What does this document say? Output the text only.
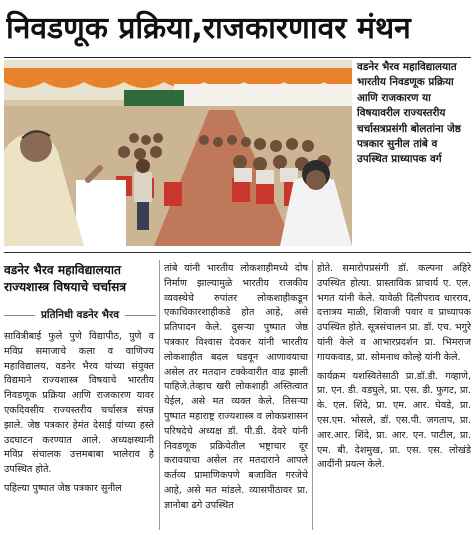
निवडणूक प्रक्रिया,राजकारणावर मंथन
वडनेर भैरव महाविद्यालयात भारतीय निवडणूक प्रक्रिया आणि राजकारण या विषयावरील राज्यस्तरीय चर्चासत्रप्रसंगी बोलतांना जेष्ठ पत्रकार सुनील तांबे व उपस्थित प्राध्यापक वर्ग
वडनेर भैरव महाविद्यालयात राज्यशास्त्र विषयाचे चर्चासत्र
प्रतिनिधी वडनेर भैरव

सावित्रीबाई फुले पुणे विद्यापीठ, पुणे व मविप्र समाजाचे कला व वाणिज्य महाविद्यालय, वडनेर भैरव यांच्या संयुक्त विद्यमाने राज्यशास्त्र विषयाचे भारतीय निवडणूक प्रक्रिया आणि राजकारण यावर एकदिवसीय राज्यस्तरीय चर्चासत्र संपन्न झाले. जेष्ठ पत्रकार हेमंत देसाई यांच्या हस्ते उदघाटन करण्यात आले. अध्यक्षस्थानी मविप्र संचालक उत्तमबाबा भालेराव हे उपस्थित होते.

पहिल्या पुष्पात जेष्ठ पत्रकार सुनील

तांबे यांनी भारतीय लोकशाहीमध्ये दोष निर्माण झाल्यामुळे भारतीय राजकीय व्यवस्थेचे रुपांतर लोकशाहीकडून एकाधिकारशाहीकडे होत आहे, असे प्रतिपादन केले. दुसऱ्या पुष्पात जेष्ठ पत्रकार विश्वास देवकर यांनी भारतीय लोकशाहीत बदल घडवून आणावयाचा असेल तर मतदान टक्केवारीत वाढ झाली पाहिजे.तेव्हाच खरी लोकशाही अस्तित्वात येईल, असे मत व्यक्त केले. तिसऱ्या पुष्पात महाराष्ट्र राज्यशास्त्र व लोकप्रशासन परिषदेचे अध्यक्ष डॉ. पी.डी. देवरे यांनी निवडणूक प्रक्रियेतील भष्ट्राचार दूर करावयाचा असेल तर मतदाराने आपले कर्तव्य प्रामाणिकपणे बजावित गरजेचे आहे, असे मत मांडले. व्यासपीठावर प्रा. ज्ञानोबा ढगे उपस्थित

होते. समारोपप्रसंगी डॉ. कल्पना अहिरे उपस्थित होत्या. प्रास्ताविक प्राचार्य ए. एल. भगत यांनी केले. यावेळी दिलीपराव धारराव, दत्तात्रय माळी, शिवाजी पवार व प्राध्यापक उपस्थित होते. सूत्रसंचालन प्रा. डॉ. एच. भगुरे यांनी केले व आभारप्रदर्शन प्रा. भिमराज गायकवाड, प्रा. सोमनाथ कोल्हे यांनी केले.

कार्यक्रम यशस्वितेसाठी प्रा.डॉ.डी. गव्हाणे, प्रा. एन. डी. वडघुले, प्रा. एस. डी. फुगट, प्रा. के. एल. शिंदे, प्रा. एम. आर. घेवडे, प्रा. एस.एम. भोसले, डॉ. एस.पी. जगताप, प्रा. आर.आर. शिंदे, प्रा. आर. एन. पाटील, प्रा. एम. बी. देशमुख, प्रा. एस. एस. लोखंडे आदींनी प्रयत्न केले.
